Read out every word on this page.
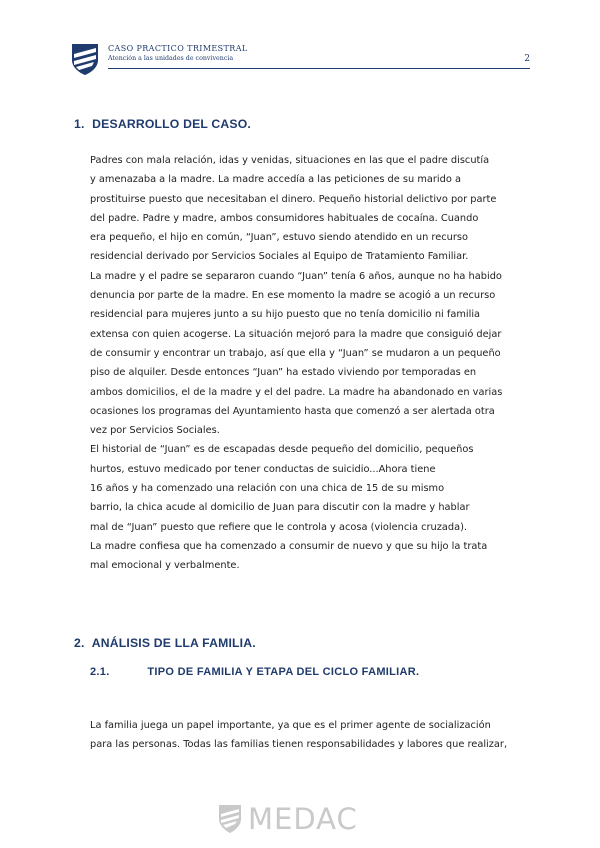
CASO PRACTICO TRIMESTRAL
Atención a las unidades de convivencia	2
1. DESARROLLO DEL CASO.
Padres con mala relación, idas y venidas, situaciones en las que el padre discutía
y amenazaba a la madre. La madre accedía a las peticiones de su marido a
prostituirse puesto que necesitaban el dinero. Pequeño historial delictivo por parte
del padre. Padre y madre, ambos consumidores habituales de cocaína. Cuando
era pequeño, el hijo en común, “Juan”, estuvo siendo atendido en un recurso
residencial derivado por Servicios Sociales al Equipo de Tratamiento Familiar.
La madre y el padre se separaron cuando “Juan” tenía 6 años, aunque no ha habido
denuncia por parte de la madre. En ese momento la madre se acogió a un recurso
residencial para mujeres junto a su hijo puesto que no tenía domicilio ni familia
extensa con quien acogerse. La situación mejoró para la madre que consiguió dejar
de consumir y encontrar un trabajo, así que ella y “Juan” se mudaron a un pequeño
piso de alquiler. Desde entonces “Juan” ha estado viviendo por temporadas en
ambos domicilios, el de la madre y el del padre. La madre ha abandonado en varias
ocasiones los programas del Ayuntamiento hasta que comenzó a ser alertada otra
vez por Servicios Sociales.
El historial de “Juan” es de escapadas desde pequeño del domicilio, pequeños
hurtos, estuvo medicado por tener conductas de suicidio...Ahora tiene
16 años y ha comenzado una relación con una chica de 15 de su mismo
barrio, la chica acude al domicilio de Juan para discutir con la madre y hablar
mal de “Juan” puesto que refiere que le controla y acosa (violencia cruzada).
La madre confiesa que ha comenzado a consumir de nuevo y que su hijo la trata
mal emocional y verbalmente.
2. ANÁLISIS DE LLA FAMILIA.
2.1.	TIPO DE FAMILIA Y ETAPA DEL CICLO FAMILIAR.
La familia juega un papel importante, ya que es el primer agente de socialización
para las personas. Todas las familias tienen responsabilidades y labores que realizar,
MEDAC
